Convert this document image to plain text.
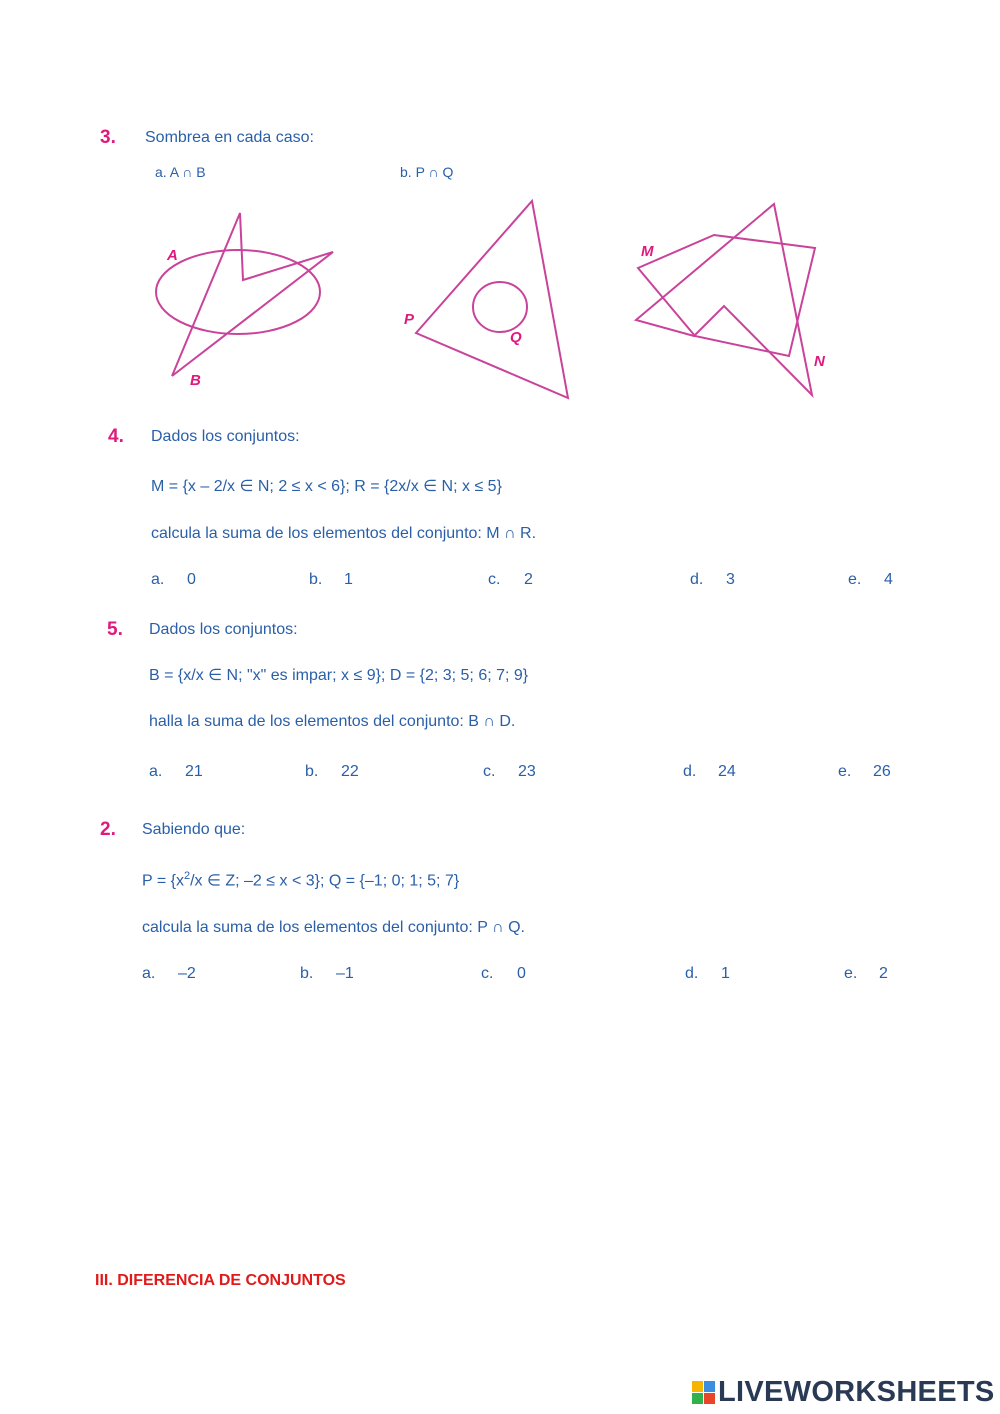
3. Sombrea en cada caso:
a. A ∩ B	b. P ∩ Q
A
B
P
Q
M
N
4. Dados los conjuntos:
M = {x – 2/x ∈ N; 2 ≤ x < 6}; R = {2x/x ∈ N; x ≤ 5}
calcula la suma de los elementos del conjunto: M ∩ R.
a. 0	b. 1	c. 2	d. 3	e. 4
5. Dados los conjuntos:
B = {x/x ∈ N; "x" es impar; x ≤ 9}; D = {2; 3; 5; 6; 7; 9}
halla la suma de los elementos del conjunto: B ∩ D.
a. 21	b. 22	c. 23	d. 24	e. 26
2. Sabiendo que:
$P = \{x^2/x$ ∈ Z; –2 ≤ x < 3}; Q = {–1; 0; 1; 5; 7}
calcula la suma de los elementos del conjunto: P ∩ Q.
a. –2	b. –1	c. 0	d. 1	e. 2
III. DIFERENCIA DE CONJUNTOS
LIVEWORKSHEETS
